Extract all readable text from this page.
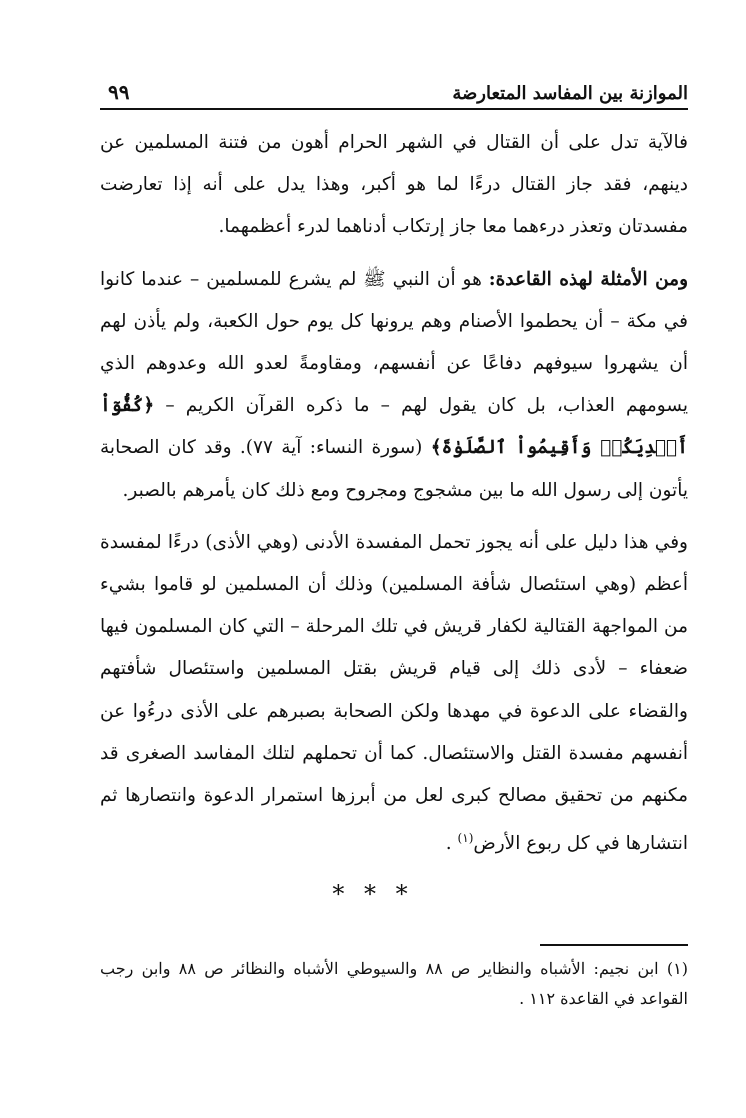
الموازنة بين المفاسد المتعارضة
٩٩

فالآية تدل على أن القتال في الشهر الحرام أهون من فتنة المسلمين عن دينهم، فقد جاز القتال درءًا لما هو أكبر، وهذا يدل على أنه إذا تعارضت مفسدتان وتعذر درءهما معا جاز إرتكاب أدناهما لدرء أعظمهما.

ومن الأمثلة لهذه القاعدة: هو أن النبي ﷺ لم يشرع للمسلمين – عندما كانوا في مكة – أن يحطموا الأصنام وهم يرونها كل يوم حول الكعبة، ولم يأذن لهم أن يشهروا سيوفهم دفاعًا عن أنفسهم، ومقاومةً لعدو الله وعدوهم الذي يسومهم العذاب، بل كان يقول لهم – ما ذكره القرآن الكريم – ﴿كُفُّوٓاْ أَيۡدِيَكُمۡ وَأَقِيمُواْ ٱلصَّلَوٰةَ﴾ (سورة النساء: آية ٧٧). وقد كان الصحابة يأتون إلى رسول الله ما بين مشجوج ومجروح ومع ذلك كان يأمرهم بالصبر.

وفي هذا دليل على أنه يجوز تحمل المفسدة الأدنى (وهي الأذى) درءًا لمفسدة أعظم (وهي استئصال شأفة المسلمين) وذلك أن المسلمين لو قاموا بشيء من المواجهة القتالية لكفار قريش في تلك المرحلة – التي كان المسلمون فيها ضعفاء – لأدى ذلك إلى قيام قريش بقتل المسلمين واستئصال شأفتهم والقضاء على الدعوة في مهدها ولكن الصحابة بصبرهم على الأذى درءُوا عن أنفسهم مفسدة القتل والاستئصال. كما أن تحملهم لتلك المفاسد الصغرى قد مكنهم من تحقيق مصالح كبرى لعل من أبرزها استمرار الدعوة وانتصارها ثم انتشارها في كل ربوع الأرض$^{(١)}$ .

* * *
(١) ابن نجيم: الأشباه والنظاير ص ٨٨ والسيوطي الأشباه والنظائر ص ٨٨ وابن رجب القواعد في القاعدة ١١٢ .
